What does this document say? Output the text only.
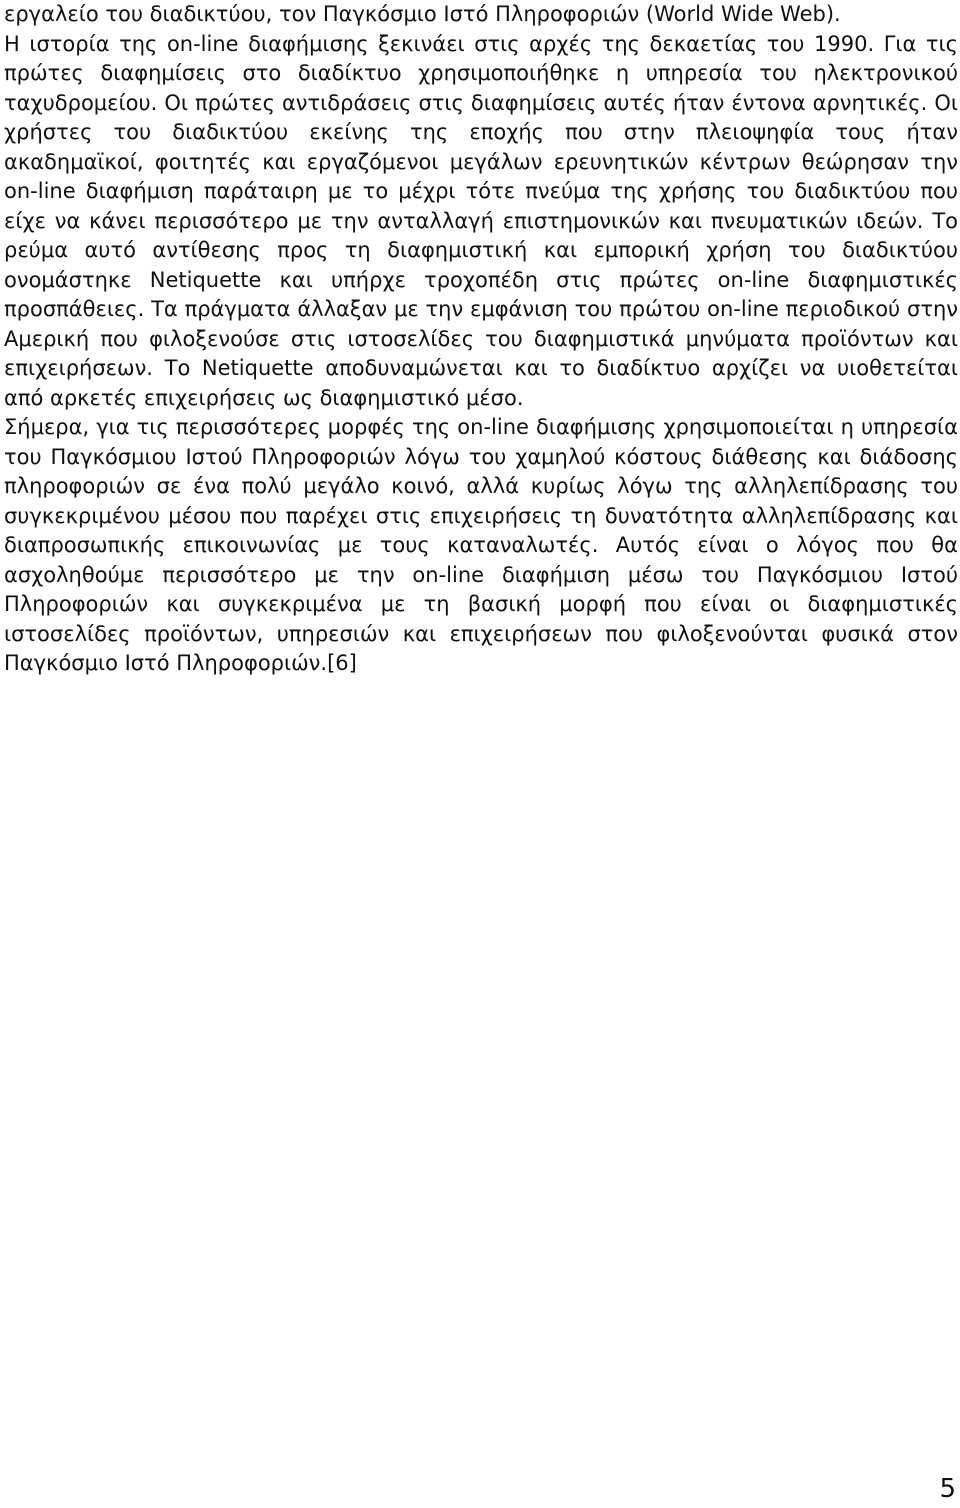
εργαλείο του διαδικτύου, τον Παγκόσμιο Ιστό Πληροφοριών (World Wide Web).

Η ιστορία της on-line διαφήμισης ξεκινάει στις αρχές της δεκαετίας του 1990. Για τις πρώτες διαφημίσεις στο διαδίκτυο χρησιμοποιήθηκε η υπηρεσία του ηλεκτρονικού ταχυδρομείου. Οι πρώτες αντιδράσεις στις διαφημίσεις αυτές ήταν έντονα αρνητικές. Οι χρήστες του διαδικτύου εκείνης της εποχής που στην πλειοψηφία τους ήταν ακαδημαϊκοί, φοιτητές και εργαζόμενοι μεγάλων ερευνητικών κέντρων θεώρησαν την on-line διαφήμιση παράταιρη με το μέχρι τότε πνεύμα της χρήσης του διαδικτύου που είχε να κάνει περισσότερο με την ανταλλαγή επιστημονικών και πνευματικών ιδεών. Το ρεύμα αυτό αντίθεσης προς τη διαφημιστική και εμπορική χρήση του διαδικτύου ονομάστηκε Netiquette και υπήρχε τροχοπέδη στις πρώτες on-line διαφημιστικές προσπάθειες. Τα πράγματα άλλαξαν με την εμφάνιση του πρώτου on-line περιοδικού στην Αμερική που φιλοξενούσε στις ιστοσελίδες του διαφημιστικά μηνύματα προϊόντων και επιχειρήσεων. Το Netiquette αποδυναμώνεται και το διαδίκτυο αρχίζει να υιοθετείται από αρκετές επιχειρήσεις ως διαφημιστικό μέσο.

Σήμερα, για τις περισσότερες μορφές της on-line διαφήμισης χρησιμοποιείται η υπηρεσία του Παγκόσμιου Ιστού Πληροφοριών λόγω του χαμηλού κόστους διάθεσης και διάδοσης πληροφοριών σε ένα πολύ μεγάλο κοινό, αλλά κυρίως λόγω της αλληλεπίδρασης του συγκεκριμένου μέσου που παρέχει στις επιχειρήσεις τη δυνατότητα αλληλεπίδρασης και διαπροσωπικής επικοινωνίας με τους καταναλωτές. Αυτός είναι ο λόγος που θα ασχοληθούμε περισσότερο με την on-line διαφήμιση μέσω του Παγκόσμιου Ιστού Πληροφοριών και συγκεκριμένα με τη βασική μορφή που είναι οι διαφημιστικές ιστοσελίδες προϊόντων, υπηρεσιών και επιχειρήσεων που φιλοξενούνται φυσικά στον Παγκόσμιο Ιστό Πληροφοριών.[6]

5
